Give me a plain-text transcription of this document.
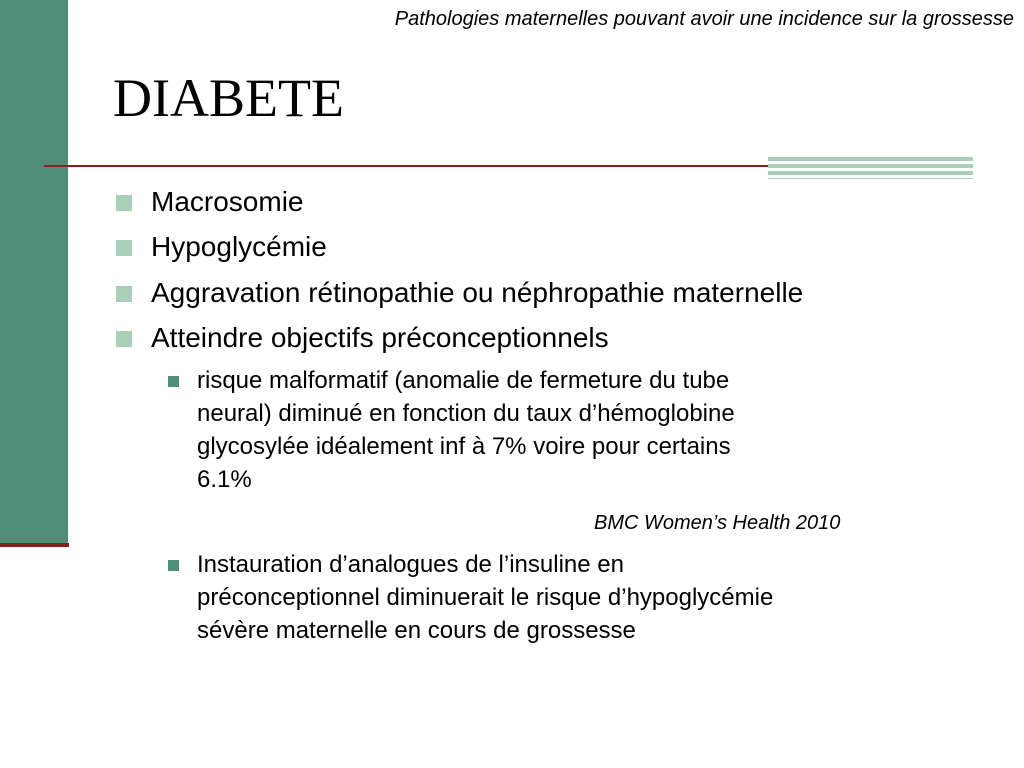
Pathologies maternelles pouvant avoir une incidence sur la grossesse
DIABETE
Macrosomie
Hypoglycémie
Aggravation rétinopathie ou néphropathie maternelle
Atteindre objectifs préconceptionnels
risque malformatif (anomalie de fermeture du tube
neural) diminué en fonction du taux d’hémoglobine
glycosylée idéalement inf à 7% voire pour certains
6.1%
BMC Women’s Health 2010
Instauration d’analogues de l’insuline en
préconceptionnel diminuerait le risque d’hypoglycémie
sévère maternelle en cours de grossesse
